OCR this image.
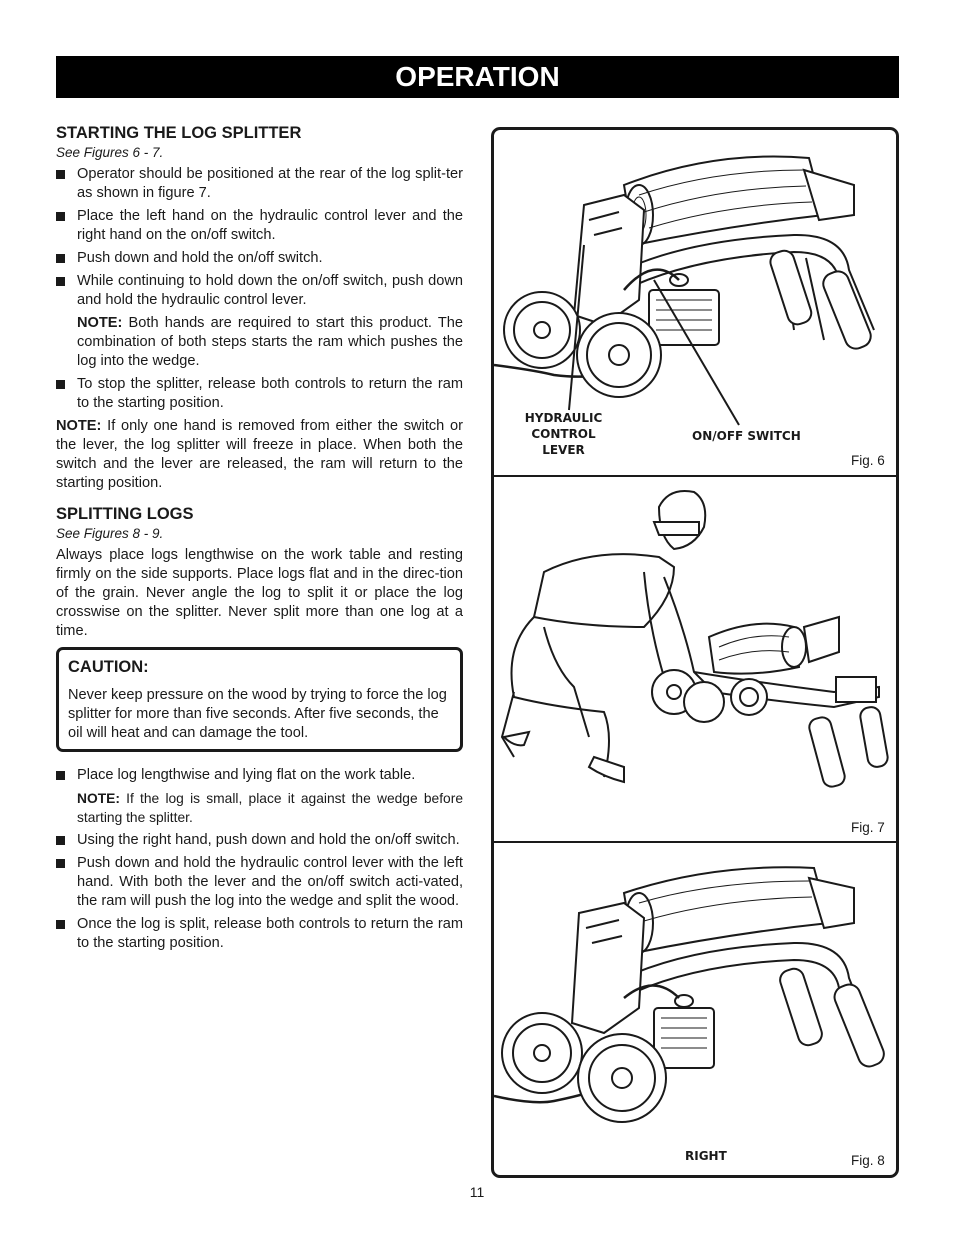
OPERATION
STARTING THE LOG SPLITTER

See Figures 6 - 7.

Operator should be positioned at the rear of the log split-ter as shown in figure 7.

Place the left hand on the hydraulic control lever and the right hand on the on/off switch.

Push down and hold the on/off switch.

While continuing to hold down the on/off switch, push down and hold the hydraulic control lever.

NOTE: Both hands are required to start this product. The combination of both steps starts the ram which pushes the log into the wedge.

To stop the splitter, release both controls to return the ram to the starting position.

NOTE: If only one hand is removed from either the switch or the lever, the log splitter will freeze in place. When both the switch and the lever are released, the ram will return to the starting position.

SPLITTING LOGS

See Figures 8 - 9.

Always place logs lengthwise on the work table and resting firmly on the side supports. Place logs flat and in the direc-tion of the grain. Never angle the log to split it or place the log crosswise on the splitter. Never split more than one log at a time.

CAUTION:

Never keep pressure on the wood by trying to force the log splitter for more than five seconds. After five seconds, the oil will heat and can damage the tool.

Place log lengthwise and lying flat on the work table.

NOTE: If the log is small, place it against the wedge before starting the splitter.

Using the right hand, push down and hold the on/off switch.

Push down and hold the hydraulic control lever with the left hand. With both the lever and the on/off switch acti-vated, the ram will push the log into the wedge and split the wood.

Once the log is split, release both controls to return the ram to the starting position.

HYDRAULIC
CONTROL
LEVER
ON/OFF SWITCH
Fig. 6
Fig. 7
RIGHT	Fig. 8
11
